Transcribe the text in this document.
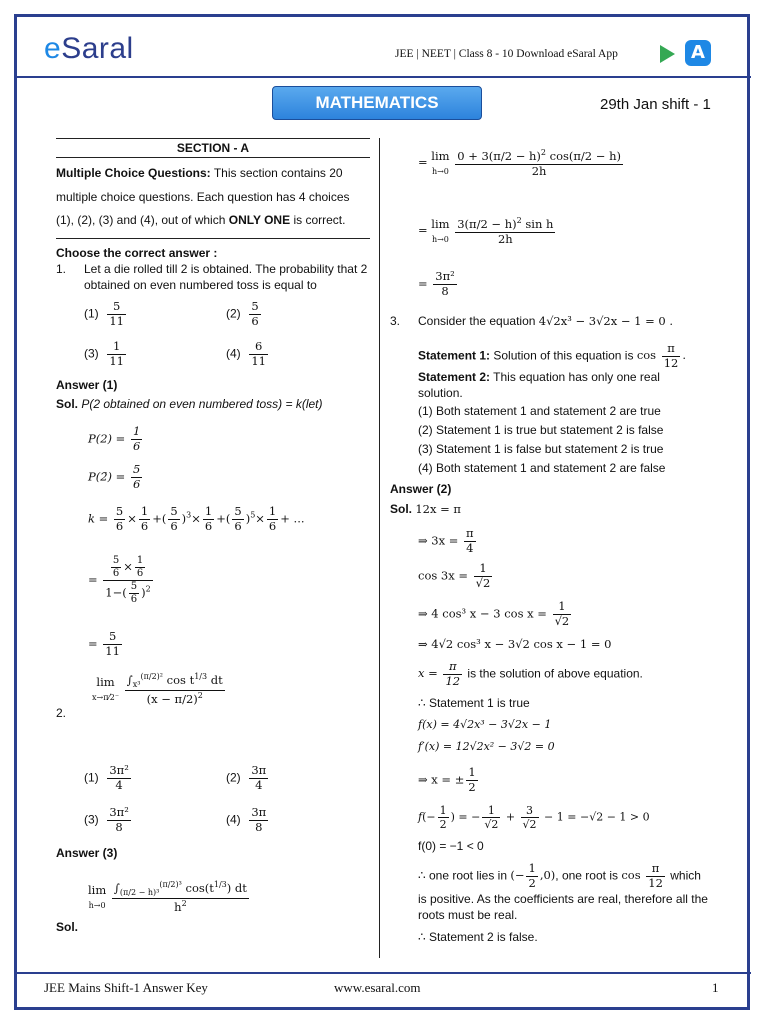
eSaral	JEE | NEET | Class 8 - 10 Download eSaral App	A
MATHEMATICS	29th Jan shift - 1
SECTION - A

Multiple Choice Questions: This section contains 20 multiple choice questions. Each question has 4 choices (1), (2), (3) and (4), out of which ONLY ONE is correct.

Choose the correct answer :
1. Let a die rolled till 2 is obtained. The probability that 2 obtained on even numbered toss is equal to
$(1) \frac{5}{11}$	$(2) \frac{5}{6}$
$(3) \frac{1}{11}$	$(4) \frac{6}{11}$
Answer (1)
Sol. P(2 obtained on even numbered toss) = k(let)
$P(2) = \frac{1}{6}$
P(2̄) = $\frac{5}{6}$
$k = \frac{5}{6} \times \frac{1}{6}$ +( $\frac{5}{6} )^3\times \frac{1}{6}$ +( $\frac{5}{6} )^5\times \frac{1}{6}$ + ...
= $\frac{\frac{5}{6} \times \frac{1}{6}}{1-( \frac{5}{6} )^2}$
= $\frac{5}{11}$
2.
lim
x→π⁄2⁻ $\frac{\int_{x^3}^{(\pi/2)^2} \cos t^{1/3} dt}{(x - \pi/2)^2}$
$(1) \frac{\text{3π²}}{4}$	$(2) \frac{3\pi}{4}$
$(3) \frac{\text{3π²}}{8}$	$(4) \frac{3\pi}{8}$
Answer (3)
Sol.
lim
$h\to 0 \frac{\int_{(\pi/2 - h)^3}^{(\pi/2)^3} \cos(t^{1/3}) dt}{h^2}$
= lim
$h\to 0 \frac{0 + 3(\pi/2 - h)^2 \cos(\pi/2 - h)}{2h}$
= lim
$h\to 0 \frac{3(\pi/2 - h)^2 \sin h}{2h}$
= $\frac{\text{3π²}}{8}$
3. Consider the equation 4√2x³ − 3√2x − 1 = 0 .
Statement 1: Solution of this equation is $\cos \frac{\pi}{12}$ .
Statement 2: This equation has only one real solution.
(1) Both statement 1 and statement 2 are true
(2) Statement 1 is true but statement 2 is false
(3) Statement 1 is false but statement 2 is true
(4) Both statement 1 and statement 2 are false
Answer (2)
Sol. 12x = π
⇒ $3x = \frac{\pi}{4}$
$\cos 3x = \frac{1}{√2}$
⇒ 4 cos³ x − 3 $\cos x = \frac{1}{√2}$
⇒ 4√2 cos³ x − 3√2 cos x − 1 = 0
$x = \frac{\pi}{12}$ is the solution of above equation.
∴ Statement 1 is true
f(x) = 4√2x³ − 3√2x − 1
f′(x) = 12√2x² − 3√2 = 0
⇒ x = ± $\frac{1}{2}$
$f(- \frac{1}{2}$ ) = − $\frac{1}{√2} + \frac{3}{√2} - 1 = -√2 - 1 > 0$
f(0) = −1 < 0
∴ one root lies in (− $\frac{1}{2} ,0$), one root is $\cos \frac{\pi}{12}$ which
is positive. As the coefficients are real, therefore all the roots must be real.
∴ Statement 2 is false.
JEE Mains Shift-1 Answer Key	www.esaral.com	1
